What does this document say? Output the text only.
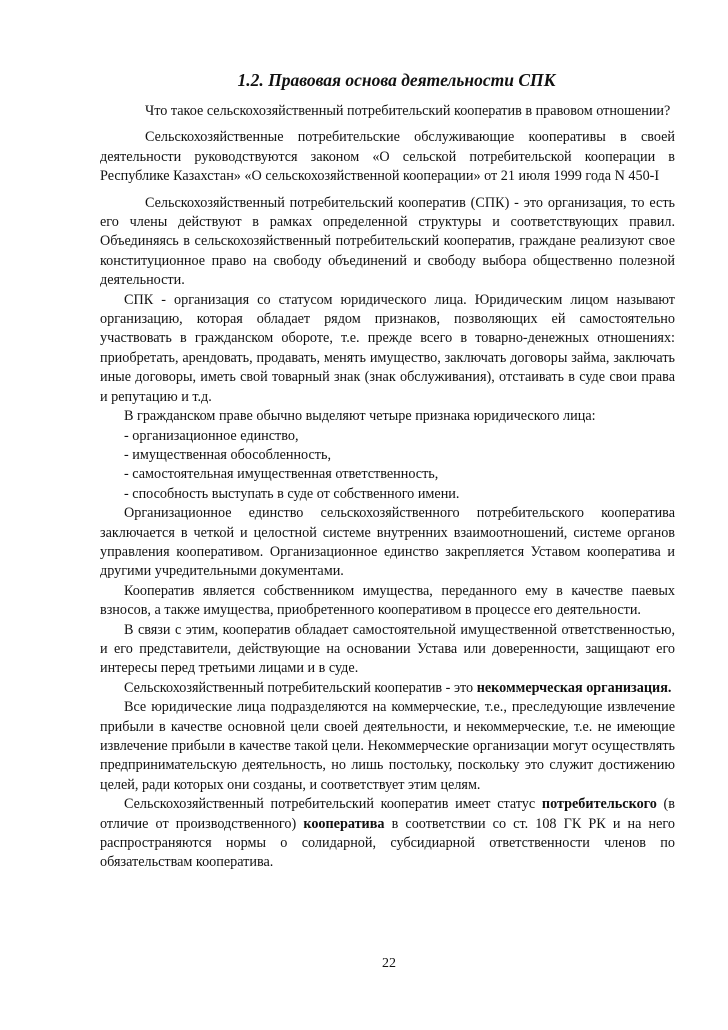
1.2. Правовая основа деятельности СПК

Что такое сельскохозяйственный потребительский кооператив в правовом отношении?

Сельскохозяйственные потребительские обслуживающие кооперативы в своей деятельности руководствуются законом «О сельской потребительской кооперации в Республике Казахстан» «О сельскохозяйственной кооперации» от 21 июля 1999 года N 450-I

Сельскохозяйственный потребительский кооператив (СПК) - это организация, то есть его члены действуют в рамках определенной структуры и соответствующих правил. Объединяясь в сельскохозяйственный потребительский кооператив, граждане реализуют свое конституционное право на свободу объединений и свободу выбора общественно полезной деятельности.

СПК - организация со статусом юридического лица. Юридическим лицом называют организацию, которая обладает рядом признаков, позволяющих ей самостоятельно участвовать в гражданском обороте, т.е. прежде всего в товарно-денежных отношениях: приобретать, арендовать, продавать, менять имущество, заключать договоры займа, заключать иные договоры, иметь свой товарный знак (знак обслуживания), отстаивать в суде свои права и репутацию и т.д.

В гражданском праве обычно выделяют четыре признака юридического лица:

- организационное единство,
- имущественная обособленность,
- самостоятельная имущественная ответственность,
- способность выступать в суде от собственного имени.

Организационное единство сельскохозяйственного потребительского кооператива заключается в четкой и целостной системе внутренних взаимоотношений, системе органов управления кооперативом. Организационное единство закрепляется Уставом кооператива и другими учредительными документами.

Кооператив является собственником имущества, переданного ему в качестве паевых взносов, а также имущества, приобретенного кооперативом в процессе его деятельности.

В связи с этим, кооператив обладает самостоятельной имущественной ответственностью, и его представители, действующие на основании Устава или доверенности, защищают его интересы перед третьими лицами и в суде.

Сельскохозяйственный потребительский кооператив - это некоммерческая организация.

Все юридические лица подразделяются на коммерческие, т.е., преследующие извлечение прибыли в качестве основной цели своей деятельности, и некоммерческие, т.е. не имеющие извлечение прибыли в качестве такой цели. Некоммерческие организации могут осуществлять предпринимательскую деятельность, но лишь постольку, поскольку это служит достижению целей, ради которых они созданы, и соответствует этим целям.

Сельскохозяйственный потребительский кооператив имеет статус потребительского (в отличие от производственного) кооператива в соответствии со ст. 108 ГК РК и на него распространяются нормы о солидарной, субсидиарной ответственности членов по обязательствам кооператива.

22
